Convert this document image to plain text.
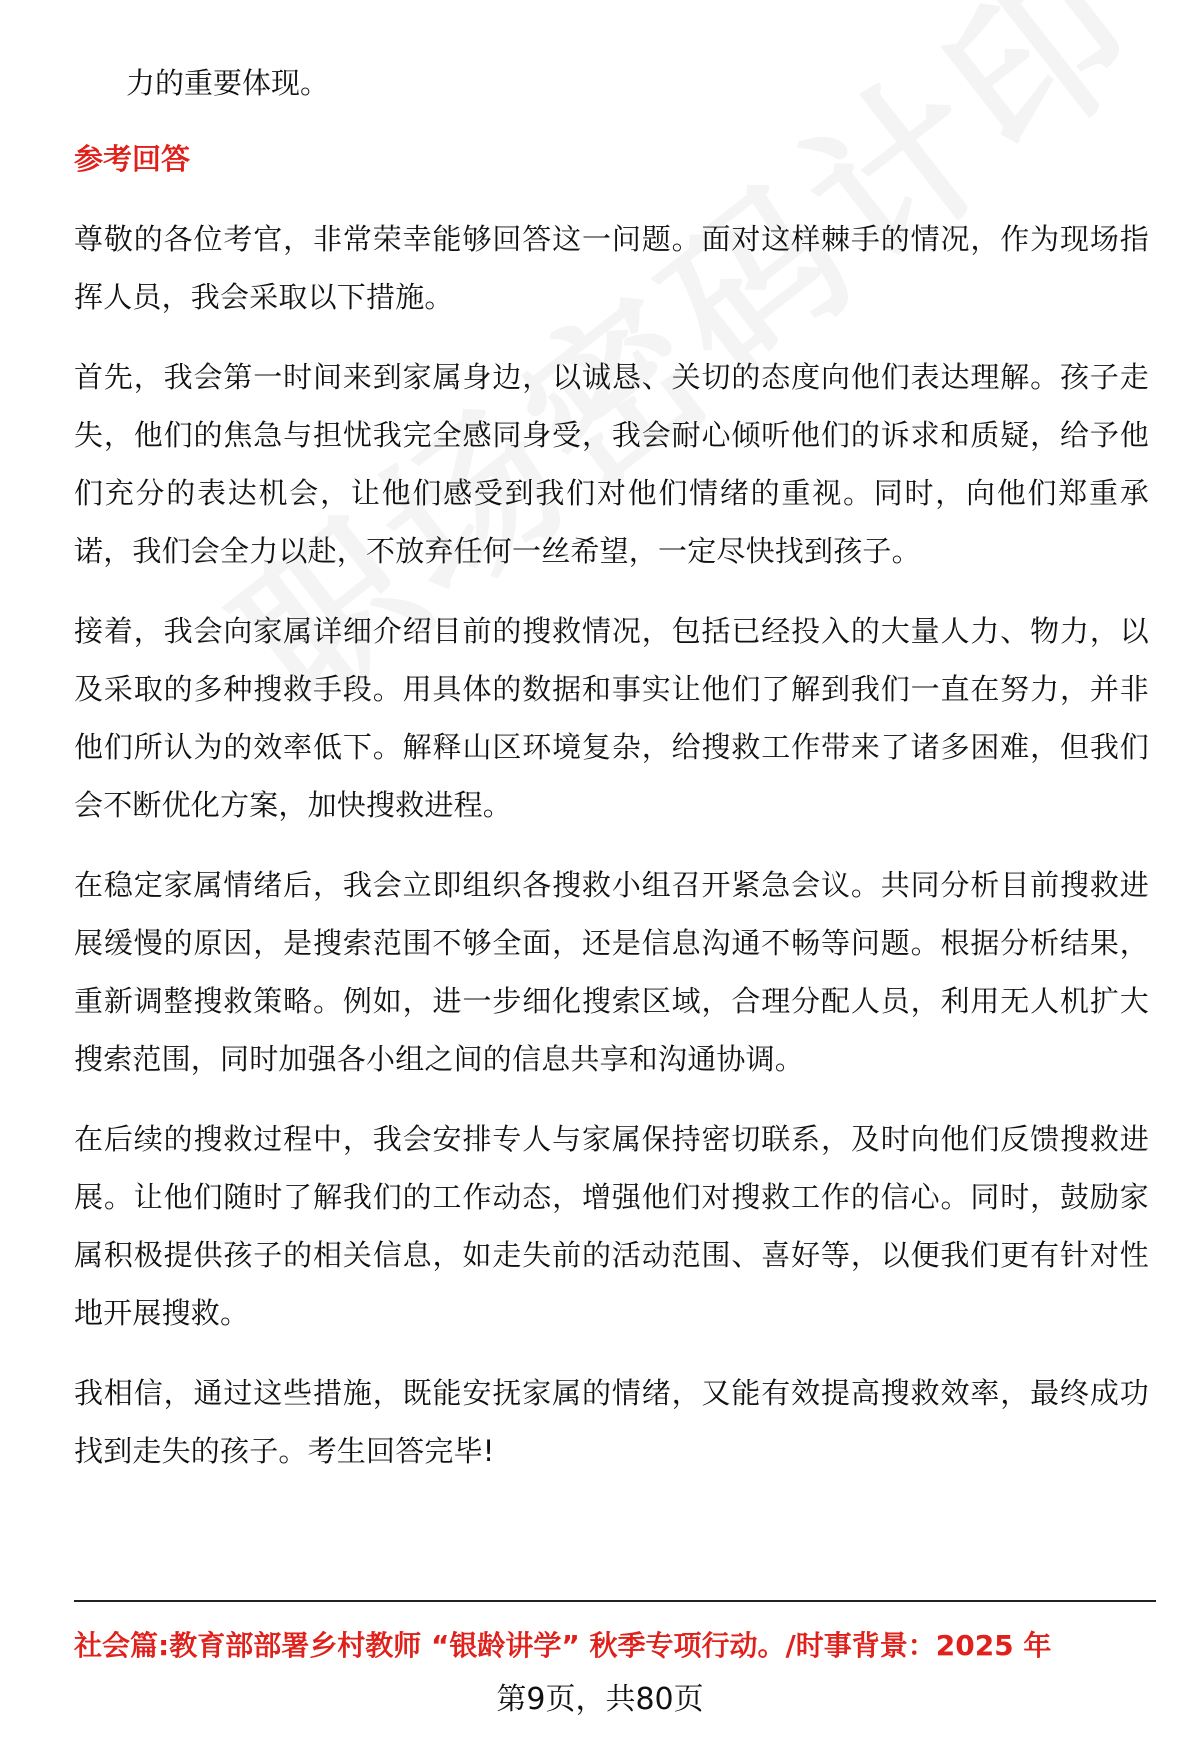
力的重要体现。

参考回答

尊敬的各位考官，非常荣幸能够回答这一问题。面对这样棘手的情况，作为现场指挥人员，我会采取以下措施。

首先，我会第一时间来到家属身边，以诚恳、关切的态度向他们表达理解。孩子走失，他们的焦急与担忧我完全感同身受，我会耐心倾听他们的诉求和质疑，给予他们充分的表达机会，让他们感受到我们对他们情绪的重视。同时，向他们郑重承诺，我们会全力以赴，不放弃任何一丝希望，一定尽快找到孩子。

接着，我会向家属详细介绍目前的搜救情况，包括已经投入的大量人力、物力，以及采取的多种搜救手段。用具体的数据和事实让他们了解到我们一直在努力，并非他们所认为的效率低下。解释山区环境复杂，给搜救工作带来了诸多困难，但我们会不断优化方案，加快搜救进程。

在稳定家属情绪后，我会立即组织各搜救小组召开紧急会议。共同分析目前搜救进展缓慢的原因，是搜索范围不够全面，还是信息沟通不畅等问题。根据分析结果，重新调整搜救策略。例如，进一步细化搜索区域，合理分配人员，利用无人机扩大搜索范围，同时加强各小组之间的信息共享和沟通协调。

在后续的搜救过程中，我会安排专人与家属保持密切联系，及时向他们反馈搜救进展。让他们随时了解我们的工作动态，增强他们对搜救工作的信心。同时，鼓励家属积极提供孩子的相关信息，如走失前的活动范围、喜好等，以便我们更有针对性地开展搜救。

我相信，通过这些措施，既能安抚家属的情绪，又能有效提高搜救效率，最终成功找到走失的孩子。考生回答完毕!

社会篇:教育部部署乡村教师 “银龄讲学” 秋季专项行动。/时事背景：2025 年
第9页，共80页
